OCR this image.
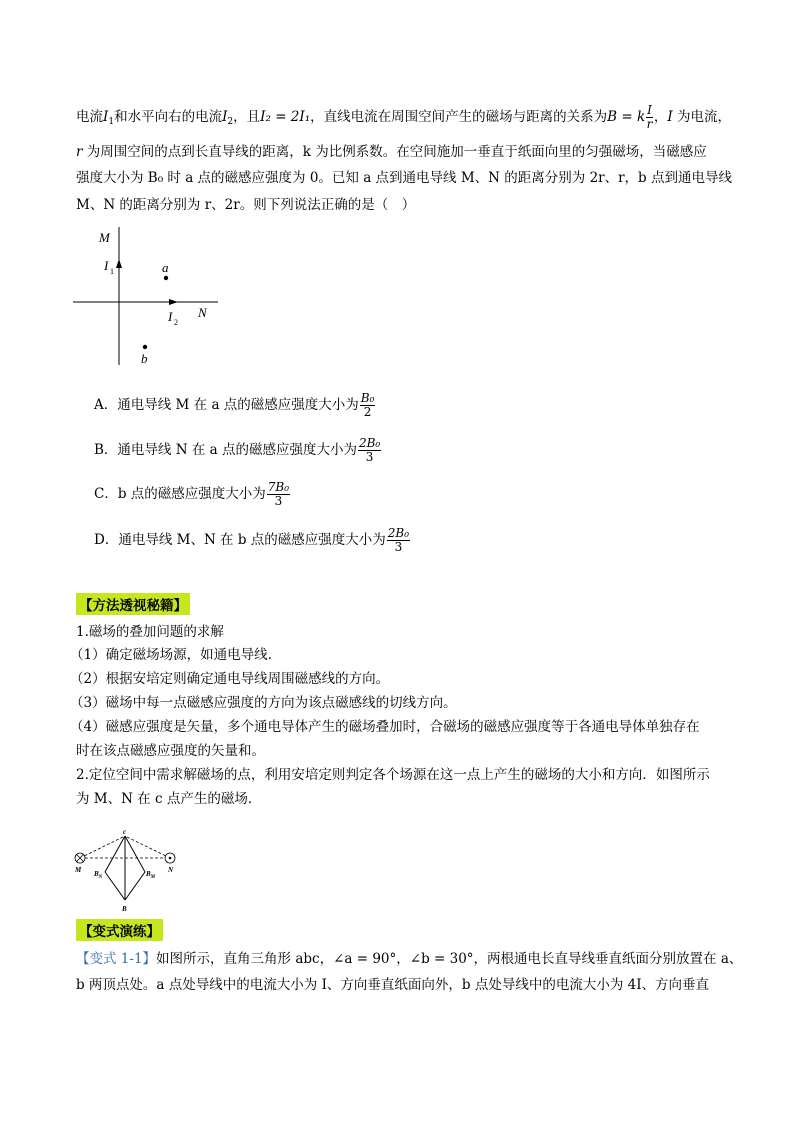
电流$I_1$和水平向右的电流$I_2$，且I₂ = 2I₁，直线电流在周围空间产生的磁场与距离的关系为B = k $\frac{I}{r}$ ，I 为电流，
r 为周围空间的点到长直导线的距离，k 为比例系数。在空间施加一垂直于纸面向里的匀强磁场，当磁感应
强度大小为 B₀ 时 a 点的磁感应强度为 0。已知 a 点到通电导线 M、N 的距离分别为 2r、r，b 点到通电导线
M、N 的距离分别为 r、2r。则下列说法正确的是（　）
M
I 1	a
I 2
N
b
A．通电导线 M 在 a 点的磁感应强度大小为 $\frac{\text{B₀}}{2}$
B．通电导线 N 在 a 点的磁感应强度大小为 $\frac{\text{2B₀}}{3}$
C．b 点的磁感应强度大小为 $\frac{\text{7B₀}}{3}$
D．通电导线 M、N 在 b 点的磁感应强度大小为 $\frac{\text{2B₀}}{3}$
【方法透视秘籍】
1.磁场的叠加问题的求解
（1）确定磁场场源，如通电导线.
（2）根据安培定则确定通电导线周围磁感线的方向。
（3）磁场中每一点磁感应强度的方向为该点磁感线的切线方向。
（4）磁感应强度是矢量，多个通电导体产生的磁场叠加时，合磁场的磁感应强度等于各通电导体单独存在
时在该点磁感应强度的矢量和。
2.定位空间中需求解磁场的点，利用安培定则判定各个场源在这一点上产生的磁场的大小和方向．如图所示
为 M、N 在 c 点产生的磁场．
c
M	N
$B_N$	$B_M$
B
【变式演练】
【变式 1-1】如图所示，直角三角形 abc，∠a = 90°，∠b = 30°，两根通电长直导线垂直纸面分别放置在 a、
b 两顶点处。a 点处导线中的电流大小为 I、方向垂直纸面向外，b 点处导线中的电流大小为 4I、方向垂直
